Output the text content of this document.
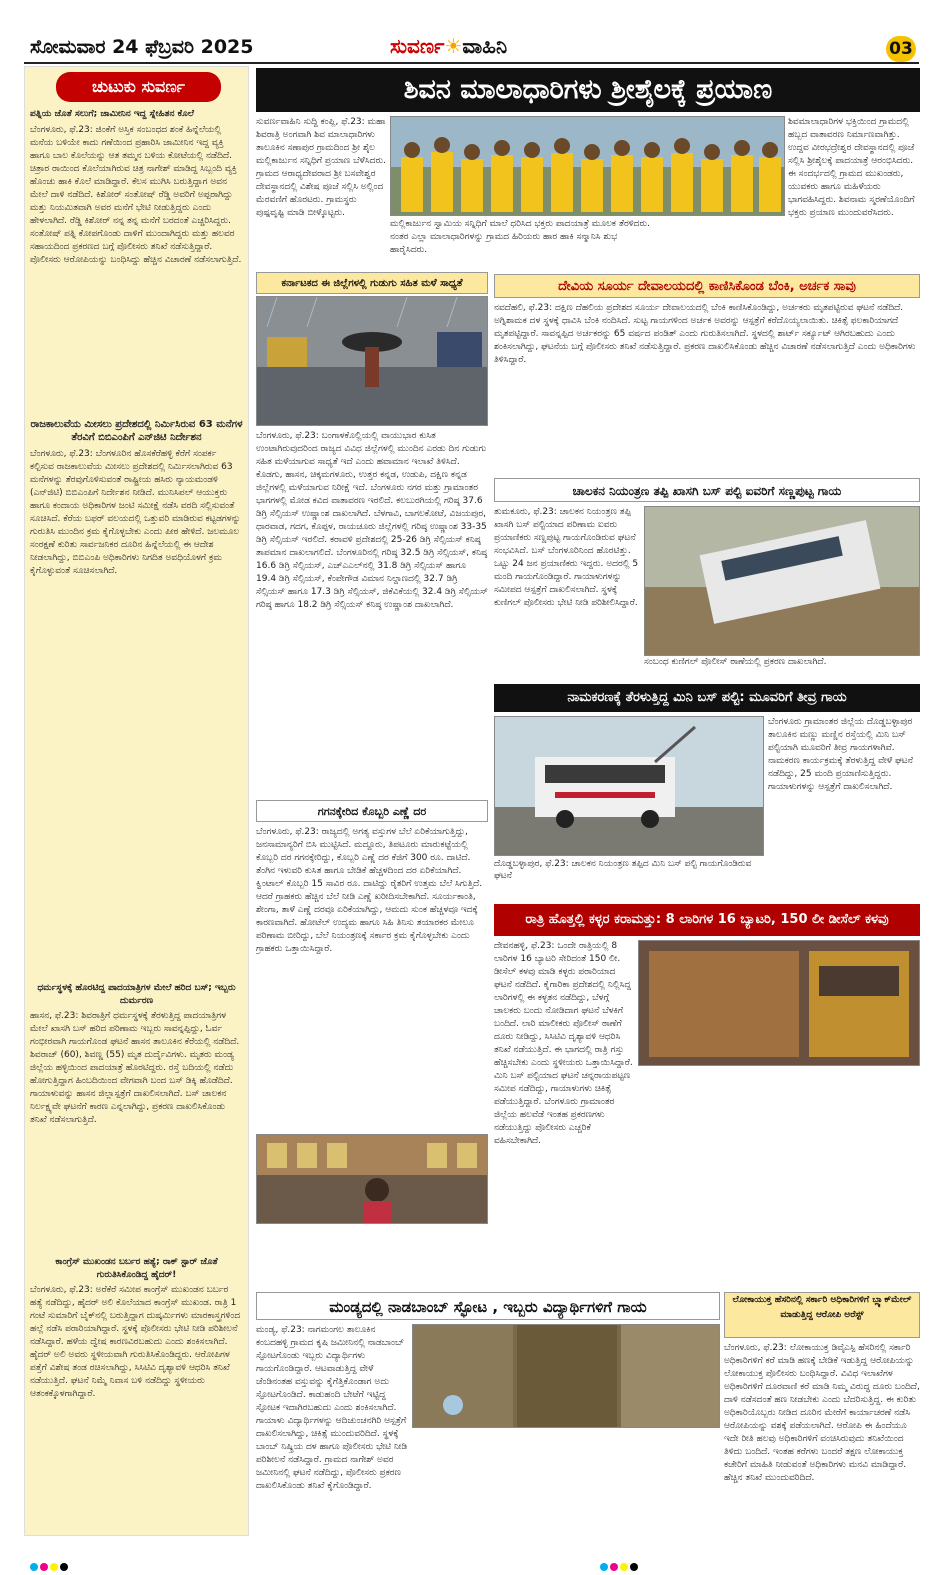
ಸೋಮವಾರ 24 ಫೆಬ್ರವರಿ 2025	ಸುವರ್ಣ☀ವಾಹಿನಿ	03
ಚುಟುಕು ಸುವರ್ಣ
ಪತ್ನಿಯ ಜೊತೆ ಸಲುಗೆ; ಜಾಮೀನಿನ ಇದ್ದ ಸ್ನೇಹಿತನ ಕೊಲೆ
ಬೆಂಗಳೂರು, ಫೆ.23: ಜಿಂಕೆಗೆ ಅಸ್ತಿಕ ಸಂಬಂಧದ ಶಂಕೆ ಹಿನ್ನೆಲೆಯಲ್ಲಿ ಮನೆಯ ಬಳಿಯೇ ಕಾದು ಗಣೆಯಿಂದ ಪ್ರಹಾರಿಸಿ ಜಾಮೀನಿನ ಇದ್ದ ವ್ಯಕ್ತಿ ಹಾಗೂ ಬಾಲ ಕೊಲೆಯನ್ನು ಆತ ತಮ್ಮನ ಬಳಿಯ ಕೋಟೆಯಲ್ಲಿ ನಡೆದಿದೆ. ಚಿತ್ರಾರ ರಾಯಿಂದ ಕೊಲೆಯಾಗಿರುವ ಚಿತ್ರ ನಾಗೇಶ್ ಮಾಡಿದ್ದ ಸಿಬ್ಬಂದಿ ವ್ಯಕ್ತಿ ಹೊಂಚು ಹಾಕಿ ಕೊಲೆ ಮಾಡಿದ್ದಾರೆ. ಕೆಲಸ ಮುಗಿಸಿ ಬರುತ್ತಿದ್ದಾಗ ಅವನ ಮೇಲೆ ದಾಳಿ ನಡೆದಿದೆ. ಕಿಶೋರ್ ಸಂತೋಷ್ ರೆಡ್ಡಿ ಅವರಿಗೆ ಅಪ್ಪರಾಗಿದ್ದು ಮತ್ತು ನಿಯಮಿತವಾಗಿ ಅವರ ಮನೆಗೆ ಭೇಟಿ ನೀಡುತ್ತಿದ್ದರು ಎಂದು ಹೇಳಲಾಗಿದೆ. ರೆಡ್ಡಿ ಕಿಶೋರ್ ನನ್ನ ತನ್ನ ಮನೆಗೆ ಬರದಂತೆ ಎಚ್ಚರಿಸಿದ್ದರು. ಸಂತೋಷ್ ಪತ್ನಿ ಕೋಪಗೊಂಡು ದಾಳಿಗೆ ಮುಂದಾಗಿದ್ದರು ಮತ್ತು ಹಲವರ ಸಹಾಯದಿಂದ ಪ್ರಕರಣದ ಬಗ್ಗೆ ಪೊಲೀಸರು ತನಿಖೆ ನಡೆಸುತ್ತಿದ್ದಾರೆ. ಪೊಲೀಸರು ಆರೋಪಿಯನ್ನು ಬಂಧಿಸಿದ್ದು ಹೆಚ್ಚಿನ ವಿಚಾರಣೆ ನಡೆಸಲಾಗುತ್ತಿದೆ.
ರಾಜಕಾಲುವೆಯ ಮೀಸಲು ಪ್ರದೇಶದಲ್ಲಿ ನಿರ್ಮಿಸಿರುವ 63 ಮನೆಗಳ ತೆರವಿಗೆ ಬಿಬಿಎಂಪಿಗೆ ಎನ್‌ಜಿಟಿ ನಿರ್ದೇಶನ
ಬೆಂಗಳೂರು, ಫೆ.23: ಬೆಂಗಳೂರಿನ ಹೊಸಕೆರೆಹಳ್ಳಿ ಕೆರೆಗೆ ಸಂಪರ್ಕ ಕಲ್ಪಿಸುವ ರಾಜಕಾಲುವೆಯ ಮೀಸಲು ಪ್ರದೇಶದಲ್ಲಿ ನಿರ್ಮಿಸಲಾಗಿರುವ 63 ಮನೆಗಳನ್ನು ತೆರವುಗೊಳಿಸುವಂತೆ ರಾಷ್ಟ್ರೀಯ ಹಸಿರು ನ್ಯಾಯಮಂಡಳಿ (ಎನ್‌ಜಿಟಿ) ಬಿಬಿಎಂಪಿಗೆ ನಿರ್ದೇಶನ ನೀಡಿದೆ. ಮುನಿಸಿಪಲ್ ಆಯುಕ್ತರು ಹಾಗೂ ಕಂದಾಯ ಅಧಿಕಾರಿಗಳ ಜಂಟಿ ಸಮೀಕ್ಷೆ ನಡೆಸಿ ವರದಿ ಸಲ್ಲಿಸುವಂತೆ ಸೂಚಿಸಿದೆ. ಕೆರೆಯ ಬಫರ್ ವಲಯದಲ್ಲಿ ಒತ್ತುವರಿ ಮಾಡಿರುವ ಕಟ್ಟಡಗಳನ್ನು ಗುರುತಿಸಿ ಮುಂದಿನ ಕ್ರಮ ಕೈಗೊಳ್ಳಬೇಕು ಎಂದು ಪೀಠ ಹೇಳಿದೆ. ಜಲಮೂಲ ಸಂರಕ್ಷಣೆ ಕುರಿತು ಸಾರ್ವಜನಿಕರ ದೂರಿನ ಹಿನ್ನೆಲೆಯಲ್ಲಿ ಈ ಆದೇಶ ನೀಡಲಾಗಿದ್ದು, ಬಿಬಿಎಂಪಿ ಅಧಿಕಾರಿಗಳು ನಿಗದಿತ ಅವಧಿಯೊಳಗೆ ಕ್ರಮ ಕೈಗೊಳ್ಳುವಂತೆ ಸೂಚಿಸಲಾಗಿದೆ.
ಧರ್ಮಸ್ಥಳಕ್ಕೆ ಹೊರಟಿದ್ದ ಪಾದಯಾತ್ರಿಗಳ ಮೇಲೆ ಹರಿದ ಬಸ್; ಇಬ್ಬರು ದುರ್ಮರಣ
ಹಾಸನ, ಫೆ.23: ಶಿವರಾತ್ರಿಗೆ ಧರ್ಮಸ್ಥಳಕ್ಕೆ ತೆರಳುತ್ತಿದ್ದ ಪಾದಯಾತ್ರಿಗಳ ಮೇಲೆ ಖಾಸಗಿ ಬಸ್ ಹರಿದ ಪರಿಣಾಮ ಇಬ್ಬರು ಸಾವನ್ನಪ್ಪಿದ್ದು, ಓರ್ವ ಗಂಭೀರವಾಗಿ ಗಾಯಗೊಂಡ ಘಟನೆ ಹಾಸನ ತಾಲೂಕಿನ ಕೆರೆಯಲ್ಲಿ ನಡೆದಿದೆ. ಶಿವರಾಜ್ (60), ಶಿವಣ್ಣ (55) ಮೃತ ದುರ್ದೈವಿಗಳು. ಮೃತರು ಮಂಡ್ಯ ಜಿಲ್ಲೆಯ ಹಳ್ಳಿಯಿಂದ ಪಾದಯಾತ್ರೆ ಹೊರಟಿದ್ದರು. ರಸ್ತೆ ಬದಿಯಲ್ಲಿ ನಡೆದು ಹೋಗುತ್ತಿದ್ದಾಗ ಹಿಂಬದಿಯಿಂದ ವೇಗವಾಗಿ ಬಂದ ಬಸ್ ಡಿಕ್ಕಿ ಹೊಡೆದಿದೆ. ಗಾಯಾಳುವನ್ನು ಹಾಸನ ಜಿಲ್ಲಾಸ್ಪತ್ರೆಗೆ ದಾಖಲಿಸಲಾಗಿದೆ. ಬಸ್ ಚಾಲಕನ ನಿರ್ಲಕ್ಷ್ಯವೇ ಘಟನೆಗೆ ಕಾರಣ ಎನ್ನಲಾಗಿದ್ದು, ಪ್ರಕರಣ ದಾಖಲಿಸಿಕೊಂಡು ತನಿಖೆ ನಡೆಸಲಾಗುತ್ತಿದೆ.
ಕಾಂಗ್ರೆಸ್ ಮುಖಂಡನ ಬರ್ಬರ ಹತ್ಯೆ; ರಾಕ್ ಸ್ಟಾರ್ ಜೊತೆ ಗುರುತಿಸಿಕೊಂಡಿದ್ದ ಹೈದರ್!
ಬೆಂಗಳೂರು, ಫೆ.23: ಅರೆಕೆರೆ ಸಮೀಪ ಕಾಂಗ್ರೆಸ್ ಮುಖಂಡನ ಬರ್ಬರ ಹತ್ಯೆ ನಡೆದಿದ್ದು, ಹೈದರ್ ಅಲಿ ಕೊಲೆಯಾದ ಕಾಂಗ್ರೆಸ್ ಮುಖಂಡ. ರಾತ್ರಿ 1 ಗಂಟೆ ಸುಮಾರಿಗೆ ಬೈಕ್‌ನಲ್ಲಿ ಬರುತ್ತಿದ್ದಾಗ ದುಷ್ಕರ್ಮಿಗಳು ಮಾರಕಾಸ್ತ್ರಗಳಿಂದ ಹಲ್ಲೆ ನಡೆಸಿ ಪರಾರಿಯಾಗಿದ್ದಾರೆ. ಸ್ಥಳಕ್ಕೆ ಪೊಲೀಸರು ಭೇಟಿ ನೀಡಿ ಪರಿಶೀಲನೆ ನಡೆಸಿದ್ದಾರೆ. ಹಳೆಯ ದ್ವೇಷ ಕಾರಣವಿರಬಹುದು ಎಂದು ಶಂಕಿಸಲಾಗಿದೆ. ಹೈದರ್ ಅಲಿ ಅವರು ಸ್ಥಳೀಯವಾಗಿ ಗುರುತಿಸಿಕೊಂಡಿದ್ದರು. ಆರೋಪಿಗಳ ಪತ್ತೆಗೆ ವಿಶೇಷ ತಂಡ ರಚಿಸಲಾಗಿದ್ದು, ಸಿಸಿಟಿವಿ ದೃಶ್ಯಾವಳಿ ಆಧರಿಸಿ ತನಿಖೆ ನಡೆಯುತ್ತಿದೆ. ಘಟನೆ ನಿಮ್ಮೆ ನಿವಾಸ ಬಳಿ ನಡೆದಿದ್ದು ಸ್ಥಳೀಯರು ಆತಂಕಕ್ಕೊಳಗಾಗಿದ್ದಾರೆ.
ಶಿವನ ಮಾಲಾಧಾರಿಗಳು ಶ್ರೀಶೈಲಕ್ಕೆ ಪ್ರಯಾಣ
ಸುವರ್ಣವಾಹಿನಿ ಸುದ್ದಿ ಕಂಪ್ಲಿ, ಫೆ.23: ಮಹಾ ಶಿವರಾತ್ರಿ ಅಂಗವಾಗಿ ಶಿವ ಮಾಲಾಧಾರಿಗಳು ತಾಲೂಕಿನ ಸಣಾಪುರ ಗ್ರಾಮದಿಂದ ಶ್ರೀ ಶೈಲ ಮಲ್ಲಿಕಾರ್ಜುನ ಸನ್ನಿಧಿಗೆ ಪ್ರಯಾಣ ಬೆಳೆಸಿದರು. ಗ್ರಾಮದ ಆರಾಧ್ಯದೇವರಾದ ಶ್ರೀ ಬಸವೇಶ್ವರ ದೇವಸ್ಥಾನದಲ್ಲಿ ವಿಶೇಷ ಪೂಜೆ ಸಲ್ಲಿಸಿ ಅಲ್ಲಿಂದ ಮೆರವಣಿಗೆ ಹೊರಟರು. ಗ್ರಾಮಸ್ಥರು ಪುಷ್ಪವೃಷ್ಟಿ ಮಾಡಿ ಬೀಳ್ಕೊಟ್ಟರು.
ಮಲ್ಲಿಕಾರ್ಜುನ ಸ್ವಾಮಿಯ ಸನ್ನಿಧಿಗೆ ಮಾಲೆ ಧರಿಸಿದ ಭಕ್ತರು ಪಾದಯಾತ್ರೆ ಮೂಲಕ ತೆರಳಿದರು. ನಂತರ ಎಲ್ಲಾ ಮಾಲಾಧಾರಿಗಳನ್ನು ಗ್ರಾಮದ ಹಿರಿಯರು ಹಾರ ಹಾಕಿ ಸನ್ಮಾನಿಸಿ ಶುಭ ಹಾರೈಸಿದರು.
ಶಿವಮಾಲಾಧಾರಿಗಳ ಭಕ್ತಿಯಿಂದ ಗ್ರಾಮದಲ್ಲಿ ಹಬ್ಬದ ವಾತಾವರಣ ನಿರ್ಮಾಣವಾಗಿತ್ತು. ಉದ್ದವ ವೀರಭದ್ರೇಶ್ವರ ದೇವಸ್ಥಾನದಲ್ಲಿ ಪೂಜೆ ಸಲ್ಲಿಸಿ ಶ್ರೀಶೈಲಕ್ಕೆ ಪಾದಯಾತ್ರೆ ಆರಂಭಿಸಿದರು. ಈ ಸಂದರ್ಭದಲ್ಲಿ ಗ್ರಾಮದ ಮುಖಂಡರು, ಯುವಕರು ಹಾಗೂ ಮಹಿಳೆಯರು ಭಾಗವಹಿಸಿದ್ದರು. ಶಿವನಾಮ ಸ್ಮರಣೆಯೊಂದಿಗೆ ಭಕ್ತರು ಪ್ರಯಾಣ ಮುಂದುವರೆಸಿದರು.
ಕರ್ನಾಟಕದ ಈ ಜಿಲ್ಲೆಗಳಲ್ಲಿ ಗುಡುಗು ಸಹಿತ ಮಳೆ ಸಾಧ್ಯತೆ
ಬೆಂಗಳೂರು, ಫೆ.23: ಬಂಗಾಳಕೊಲ್ಲಿಯಲ್ಲಿ ವಾಯುಭಾರ ಕುಸಿತ ಉಂಟಾಗಿರುವುದರಿಂದ ರಾಜ್ಯದ ವಿವಿಧ ಜಿಲ್ಲೆಗಳಲ್ಲಿ ಮುಂದಿನ ಎರಡು ದಿನ ಗುಡುಗು ಸಹಿತ ಮಳೆಯಾಗುವ ಸಾಧ್ಯತೆ ಇದೆ ಎಂದು ಹವಾಮಾನ ಇಲಾಖೆ ತಿಳಿಸಿದೆ. ಕೊಡಗು, ಹಾಸನ, ಚಿಕ್ಕಮಗಳೂರು, ಉತ್ತರ ಕನ್ನಡ, ಉಡುಪಿ, ದಕ್ಷಿಣ ಕನ್ನಡ ಜಿಲ್ಲೆಗಳಲ್ಲಿ ಮಳೆಯಾಗುವ ನಿರೀಕ್ಷೆ ಇದೆ. ಬೆಂಗಳೂರು ನಗರ ಮತ್ತು ಗ್ರಾಮಾಂತರ ಭಾಗಗಳಲ್ಲಿ ಮೋಡ ಕವಿದ ವಾತಾವರಣ ಇರಲಿದೆ. ಕಲಬುರಗಿಯಲ್ಲಿ ಗರಿಷ್ಠ 37.6 ಡಿಗ್ರಿ ಸೆಲ್ಸಿಯಸ್ ಉಷ್ಣಾಂಶ ದಾಖಲಾಗಿದೆ. ಬೆಳಗಾವಿ, ಬಾಗಲಕೋಟೆ, ವಿಜಯಪುರ, ಧಾರವಾಡ, ಗದಗ, ಕೊಪ್ಪಳ, ರಾಯಚೂರು ಜಿಲ್ಲೆಗಳಲ್ಲಿ ಗರಿಷ್ಠ ಉಷ್ಣಾಂಶ 33-35 ಡಿಗ್ರಿ ಸೆಲ್ಸಿಯಸ್ ಇರಲಿದೆ. ಕರಾವಳಿ ಪ್ರದೇಶದಲ್ಲಿ 25-26 ಡಿಗ್ರಿ ಸೆಲ್ಸಿಯಸ್ ಕನಿಷ್ಠ ತಾಪಮಾನ ದಾಖಲಾಗಲಿದೆ. ಬೆಂಗಳೂರಿನಲ್ಲಿ ಗರಿಷ್ಠ 32.5 ಡಿಗ್ರಿ ಸೆಲ್ಸಿಯಸ್, ಕನಿಷ್ಠ 16.6 ಡಿಗ್ರಿ ಸೆಲ್ಸಿಯಸ್, ಎಚ್‌ಎಎಲ್‌ನಲ್ಲಿ 31.8 ಡಿಗ್ರಿ ಸೆಲ್ಸಿಯಸ್ ಹಾಗೂ 19.4 ಡಿಗ್ರಿ ಸೆಲ್ಸಿಯಸ್, ಕೆಂಪೇಗೌಡ ವಿಮಾನ ನಿಲ್ದಾಣದಲ್ಲಿ 32.7 ಡಿಗ್ರಿ ಸೆಲ್ಸಿಯಸ್ ಹಾಗೂ 17.3 ಡಿಗ್ರಿ ಸೆಲ್ಸಿಯಸ್, ಜಿಕೆವಿಕೆಯಲ್ಲಿ 32.4 ಡಿಗ್ರಿ ಸೆಲ್ಸಿಯಸ್ ಗರಿಷ್ಠ ಹಾಗೂ 18.2 ಡಿಗ್ರಿ ಸೆಲ್ಸಿಯಸ್ ಕನಿಷ್ಠ ಉಷ್ಣಾಂಶ ದಾಖಲಾಗಿದೆ.
ಗಗನಕ್ಕೇರಿದ ಕೊಬ್ಬರಿ ಎಣ್ಣೆ ದರ
ಬೆಂಗಳೂರು, ಫೆ.23: ರಾಜ್ಯದಲ್ಲಿ ಅಗತ್ಯ ವಸ್ತುಗಳ ಬೆಲೆ ಏರಿಕೆಯಾಗುತ್ತಿದ್ದು, ಜನಸಾಮಾನ್ಯರಿಗೆ ಬಿಸಿ ಮುಟ್ಟಿಸಿದೆ. ಮದ್ದೂರು, ತಿಪಟೂರು ಮಾರುಕಟ್ಟೆಯಲ್ಲಿ ಕೊಬ್ಬರಿ ದರ ಗಗನಕ್ಕೇರಿದ್ದು, ಕೊಬ್ಬರಿ ಎಣ್ಣೆ ದರ ಕೆಜಿಗೆ 300 ರೂ. ದಾಟಿದೆ. ತೆಂಗಿನ ಇಳುವರಿ ಕುಸಿತ ಹಾಗೂ ಬೇಡಿಕೆ ಹೆಚ್ಚಳದಿಂದ ದರ ಏರಿಕೆಯಾಗಿದೆ. ಕ್ವಿಂಟಾಲ್ ಕೊಬ್ಬರಿ 15 ಸಾವಿರ ರೂ. ದಾಟಿದ್ದು ರೈತರಿಗೆ ಉತ್ತಮ ಬೆಲೆ ಸಿಗುತ್ತಿದೆ. ಆದರೆ ಗ್ರಾಹಕರು ಹೆಚ್ಚಿನ ಬೆಲೆ ನೀಡಿ ಎಣ್ಣೆ ಖರೀದಿಸಬೇಕಾಗಿದೆ. ಸೂರ್ಯಕಾಂತಿ, ಶೇಂಗಾ, ತಾಳೆ ಎಣ್ಣೆ ದರವೂ ಏರಿಕೆಯಾಗಿದ್ದು, ಆಮದು ಸುಂಕ ಹೆಚ್ಚಳವೂ ಇದಕ್ಕೆ ಕಾರಣವಾಗಿದೆ. ಹೋಟೆಲ್ ಉದ್ಯಮ ಹಾಗೂ ಸಿಹಿ ತಿನಿಸು ತಯಾರಕರ ಮೇಲೂ ಪರಿಣಾಮ ಬೀರಿದ್ದು, ಬೆಲೆ ನಿಯಂತ್ರಣಕ್ಕೆ ಸರ್ಕಾರ ಕ್ರಮ ಕೈಗೊಳ್ಳಬೇಕು ಎಂದು ಗ್ರಾಹಕರು ಒತ್ತಾಯಿಸಿದ್ದಾರೆ.
ದೇವಿಯ ಸೂರ್ಯ ದೇವಾಲಯದಲ್ಲಿ ಕಾಣಿಸಿಕೊಂಡ ಬೆಂಕಿ, ಅರ್ಚಕ ಸಾವು
ನವದೆಹಲಿ, ಫೆ.23: ದಕ್ಷಿಣ ದೆಹಲಿಯ ಪ್ರದೇಶದ ಸೂರ್ಯ ದೇವಾಲಯದಲ್ಲಿ ಬೆಂಕಿ ಕಾಣಿಸಿಕೊಂಡಿದ್ದು, ಅರ್ಚಕರು ಮೃತಪಟ್ಟಿರುವ ಘಟನೆ ನಡೆದಿದೆ. ಅಗ್ನಿಶಾಮಕ ದಳ ಸ್ಥಳಕ್ಕೆ ಧಾವಿಸಿ ಬೆಂಕಿ ನಂದಿಸಿದೆ. ಸುಟ್ಟ ಗಾಯಗಳಿಂದ ಅರ್ಚಕ ಅವರನ್ನು ಆಸ್ಪತ್ರೆಗೆ ಕರೆದೊಯ್ಯಲಾಯಿತು. ಚಿಕಿತ್ಸೆ ಫಲಕಾರಿಯಾಗದೆ ಮೃತಪಟ್ಟಿದ್ದಾರೆ. ಸಾವನ್ನಪ್ಪಿದ ಅರ್ಚಕರನ್ನು 65 ವರ್ಷದ ಪಂಡಿತ್ ಎಂದು ಗುರುತಿಸಲಾಗಿದೆ. ಸ್ಥಳದಲ್ಲಿ ಶಾರ್ಟ್ ಸರ್ಕ್ಯೂಟ್ ಆಗಿರಬಹುದು ಎಂದು ಶಂಕಿಸಲಾಗಿದ್ದು, ಘಟನೆಯ ಬಗ್ಗೆ ಪೊಲೀಸರು ತನಿಖೆ ನಡೆಸುತ್ತಿದ್ದಾರೆ. ಪ್ರಕರಣ ದಾಖಲಿಸಿಕೊಂಡು ಹೆಚ್ಚಿನ ವಿಚಾರಣೆ ನಡೆಸಲಾಗುತ್ತಿದೆ ಎಂದು ಅಧಿಕಾರಿಗಳು ತಿಳಿಸಿದ್ದಾರೆ.
ಚಾಲಕನ ನಿಯಂತ್ರಣ ತಪ್ಪಿ ಖಾಸಗಿ ಬಸ್ ಪಲ್ಟಿ ಐವರಿಗೆ ಸಣ್ಣಪುಟ್ಟ ಗಾಯ
ತುಮಕೂರು, ಫೆ.23: ಚಾಲಕನ ನಿಯಂತ್ರಣ ತಪ್ಪಿ ಖಾಸಗಿ ಬಸ್ ಪಲ್ಟಿಯಾದ ಪರಿಣಾಮ ಐವರು ಪ್ರಯಾಣಿಕರು ಸಣ್ಣಪುಟ್ಟ ಗಾಯಗೊಂಡಿರುವ ಘಟನೆ ಸಂಭವಿಸಿದೆ. ಬಸ್ ಬೆಂಗಳೂರಿನಿಂದ ಹೊರಟಿತ್ತು. ಒಟ್ಟು 24 ಜನ ಪ್ರಯಾಣಿಕರು ಇದ್ದರು. ಅದರಲ್ಲಿ 5 ಮಂದಿ ಗಾಯಗೊಂಡಿದ್ದಾರೆ. ಗಾಯಾಳುಗಳನ್ನು ಸಮೀಪದ ಆಸ್ಪತ್ರೆಗೆ ದಾಖಲಿಸಲಾಗಿದೆ. ಸ್ಥಳಕ್ಕೆ ಕುಣಿಗಲ್ ಪೊಲೀಸರು ಭೇಟಿ ನೀಡಿ ಪರಿಶೀಲಿಸಿದ್ದಾರೆ.
ಸಂಬಂಧ ಕುಣಿಗಲ್ ಪೊಲೀಸ್ ಠಾಣೆಯಲ್ಲಿ ಪ್ರಕರಣ ದಾಖಲಾಗಿದೆ.
ನಾಮಕರಣಕ್ಕೆ ತೆರಳುತ್ತಿದ್ದ ಮಿನಿ ಬಸ್ ಪಲ್ಟಿ: ಮೂವರಿಗೆ ತೀವ್ರ ಗಾಯ
ಬೆಂಗಳೂರು ಗ್ರಾಮಾಂತರ ಜಿಲ್ಲೆಯ ದೊಡ್ಡಬಳ್ಳಾಪುರ ತಾಲೂಕಿನ ಮಣ್ಣು ಮಣ್ಣಿನ ರಸ್ತೆಯಲ್ಲಿ ಮಿನಿ ಬಸ್ ಪಲ್ಟಿಯಾಗಿ ಮೂವರಿಗೆ ತೀವ್ರ ಗಾಯಗಳಾಗಿವೆ. ನಾಮಕರಣ ಕಾರ್ಯಕ್ರಮಕ್ಕೆ ತೆರಳುತ್ತಿದ್ದ ವೇಳೆ ಘಟನೆ ನಡೆದಿದ್ದು, 25 ಮಂದಿ ಪ್ರಯಾಣಿಸುತ್ತಿದ್ದರು. ಗಾಯಾಳುಗಳನ್ನು ಆಸ್ಪತ್ರೆಗೆ ದಾಖಲಿಸಲಾಗಿದೆ.
ದೊಡ್ಡಬಳ್ಳಾಪುರ, ಫೆ.23: ಚಾಲಕನ ನಿಯಂತ್ರಣ ತಪ್ಪಿದ ಮಿನಿ ಬಸ್ ಪಲ್ಟಿ ಗಾಯಗೊಂಡಿರುವ ಘಟನೆ
ರಾತ್ರಿ ಹೊತ್ತಲ್ಲಿ ಕಳ್ಳರ ಕರಾಮತ್ತು: 8 ಲಾರಿಗಳ 16 ಬ್ಯಾಟರಿ, 150 ಲೀ ಡೀಸೆಲ್ ಕಳವು
ದೇವನಹಳ್ಳಿ, ಫೆ.23: ಒಂದೇ ರಾತ್ರಿಯಲ್ಲಿ 8 ಲಾರಿಗಳ 16 ಬ್ಯಾಟರಿ ಸೇರಿದಂತೆ 150 ಲೀ. ಡೀಸೆಲ್ ಕಳವು ಮಾಡಿ ಕಳ್ಳರು ಪರಾರಿಯಾದ ಘಟನೆ ನಡೆದಿದೆ. ಕೈಗಾರಿಕಾ ಪ್ರದೇಶದಲ್ಲಿ ನಿಲ್ಲಿಸಿದ್ದ ಲಾರಿಗಳಲ್ಲಿ ಈ ಕಳ್ಳತನ ನಡೆದಿದ್ದು, ಬೆಳಗ್ಗೆ ಚಾಲಕರು ಬಂದು ನೋಡಿದಾಗ ಘಟನೆ ಬೆಳಕಿಗೆ ಬಂದಿದೆ. ಲಾರಿ ಮಾಲೀಕರು ಪೊಲೀಸ್ ಠಾಣೆಗೆ ದೂರು ನೀಡಿದ್ದು, ಸಿಸಿಟಿವಿ ದೃಶ್ಯಾವಳಿ ಆಧರಿಸಿ ತನಿಖೆ ನಡೆಯುತ್ತಿದೆ. ಈ ಭಾಗದಲ್ಲಿ ರಾತ್ರಿ ಗಸ್ತು ಹೆಚ್ಚಿಸಬೇಕು ಎಂದು ಸ್ಥಳೀಯರು ಒತ್ತಾಯಿಸಿದ್ದಾರೆ. ಮಿನಿ ಬಸ್ ಪಲ್ಟಿಯಾದ ಘಟನೆ ಚನ್ನರಾಯಪಟ್ಟಣ ಸಮೀಪ ನಡೆದಿದ್ದು, ಗಾಯಾಳುಗಳು ಚಿಕಿತ್ಸೆ ಪಡೆಯುತ್ತಿದ್ದಾರೆ. ಬೆಂಗಳೂರು ಗ್ರಾಮಾಂತರ ಜಿಲ್ಲೆಯ ಹಲವೆಡೆ ಇಂತಹ ಪ್ರಕರಣಗಳು ನಡೆಯುತ್ತಿದ್ದು ಪೊಲೀಸರು ಎಚ್ಚರಿಕೆ ವಹಿಸಬೇಕಾಗಿದೆ.
ಮಂಡ್ಯದಲ್ಲಿ ನಾಡಬಾಂಬ್ ಸ್ಫೋಟ , ಇಬ್ಬರು ವಿದ್ಯಾರ್ಥಿಗಳಿಗೆ ಗಾಯ
ಮಂಡ್ಯ, ಫೆ.23: ನಾಗಮಂಗಲ ತಾಲೂಕಿನ ಕಂಬದಹಳ್ಳಿ ಗ್ರಾಮದ ಕೃಷಿ ಜಮೀನಿನಲ್ಲಿ ನಾಡಬಾಂಬ್ ಸ್ಫೋಟಗೊಂಡು ಇಬ್ಬರು ವಿದ್ಯಾರ್ಥಿಗಳು ಗಾಯಗೊಂಡಿದ್ದಾರೆ. ಆಟವಾಡುತ್ತಿದ್ದ ವೇಳೆ ಚೆಂಡಿನಂತಹ ವಸ್ತುವನ್ನು ಕೈಗೆತ್ತಿಕೊಂಡಾಗ ಅದು ಸ್ಫೋಟಗೊಂಡಿದೆ. ಕಾಡುಹಂದಿ ಬೇಟೆಗೆ ಇಟ್ಟಿದ್ದ ಸ್ಫೋಟಕ ಇದಾಗಿರಬಹುದು ಎಂದು ಶಂಕಿಸಲಾಗಿದೆ. ಗಾಯಾಳು ವಿದ್ಯಾರ್ಥಿಗಳನ್ನು ಆದಿಚುಂಚನಗಿರಿ ಆಸ್ಪತ್ರೆಗೆ ದಾಖಲಿಸಲಾಗಿದ್ದು, ಚಿಕಿತ್ಸೆ ಮುಂದುವರಿದಿದೆ. ಸ್ಥಳಕ್ಕೆ ಬಾಂಬ್ ನಿಷ್ಕ್ರಿಯ ದಳ ಹಾಗೂ ಪೊಲೀಸರು ಭೇಟಿ ನೀಡಿ ಪರಿಶೀಲನೆ ನಡೆಸಿದ್ದಾರೆ. ಗ್ರಾಮದ ನಾಗೇಶ್ ಅವರ ಜಮೀನಿನಲ್ಲಿ ಘಟನೆ ನಡೆದಿದ್ದು, ಪೊಲೀಸರು ಪ್ರಕರಣ ದಾಖಲಿಸಿಕೊಂಡು ತನಿಖೆ ಕೈಗೊಂಡಿದ್ದಾರೆ.
ಲೋಕಾಯುಕ್ತ ಹೆಸರಿನಲ್ಲಿ ಸರ್ಕಾರಿ ಅಧಿಕಾರಿಗಳಿಗೆ ಬ್ಲ್ಯಾಕ್‌ಮೇಲ್ ಮಾಡುತ್ತಿದ್ದ ಆರೋಪಿ ಅರೆಸ್ಟ್
ಬೆಂಗಳೂರು, ಫೆ.23: ಲೋಕಾಯುಕ್ತ ಡಿವೈಎಸ್ಪಿ ಹೆಸರಿನಲ್ಲಿ ಸರ್ಕಾರಿ ಅಧಿಕಾರಿಗಳಿಗೆ ಕರೆ ಮಾಡಿ ಹಣಕ್ಕೆ ಬೇಡಿಕೆ ಇಡುತ್ತಿದ್ದ ಆರೋಪಿಯನ್ನು ಲೋಕಾಯುಕ್ತ ಪೊಲೀಸರು ಬಂಧಿಸಿದ್ದಾರೆ. ವಿವಿಧ ಇಲಾಖೆಗಳ ಅಧಿಕಾರಿಗಳಿಗೆ ದೂರವಾಣಿ ಕರೆ ಮಾಡಿ ನಿಮ್ಮ ವಿರುದ್ಧ ದೂರು ಬಂದಿದೆ, ದಾಳಿ ನಡೆಸದಂತೆ ಹಣ ನೀಡಬೇಕು ಎಂದು ಬೆದರಿಸುತ್ತಿದ್ದ. ಈ ಕುರಿತು ಅಧಿಕಾರಿಯೊಬ್ಬರು ನೀಡಿದ ದೂರಿನ ಮೇರೆಗೆ ಕಾರ್ಯಾಚರಣೆ ನಡೆಸಿ ಆರೋಪಿಯನ್ನು ವಶಕ್ಕೆ ಪಡೆಯಲಾಗಿದೆ. ಆರೋಪಿ ಈ ಹಿಂದೆಯೂ ಇದೇ ರೀತಿ ಹಲವು ಅಧಿಕಾರಿಗಳಿಗೆ ವಂಚಿಸಿರುವುದು ತನಿಖೆಯಿಂದ ತಿಳಿದು ಬಂದಿದೆ. ಇಂತಹ ಕರೆಗಳು ಬಂದರೆ ತಕ್ಷಣ ಲೋಕಾಯುಕ್ತ ಕಚೇರಿಗೆ ಮಾಹಿತಿ ನೀಡುವಂತೆ ಅಧಿಕಾರಿಗಳು ಮನವಿ ಮಾಡಿದ್ದಾರೆ. ಹೆಚ್ಚಿನ ತನಿಖೆ ಮುಂದುವರಿದಿದೆ.
